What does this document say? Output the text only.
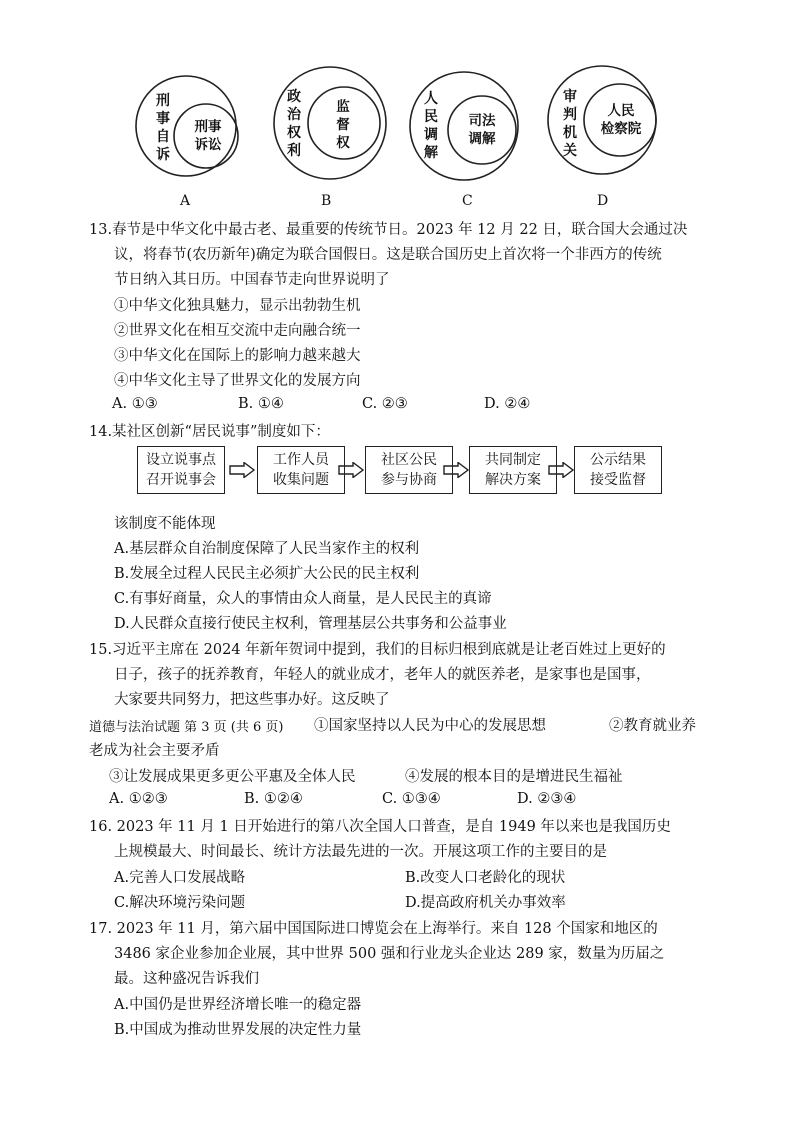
刑
事
自
诉
刑事
诉讼
A
政
治
权
利
监
督
权
B
人
民
调
解
司法
调解
C
审
判
机
关
人民
检察院
D
13.春节是中华文化中最古老、最重要的传统节日。2023 年 12 月 22 日，联合国大会通过决
议，将春节(农历新年)确定为联合国假日。这是联合国历史上首次将一个非西方的传统
节日纳入其日历。中国春节走向世界说明了
①中华文化独具魅力，显示出勃勃生机
②世界文化在相互交流中走向融合统一
③中华文化在国际上的影响力越来越大
④中华文化主导了世界文化的发展方向
A. ①③	B. ①④	C. ②③	D. ②④
14.某社区创新“居民说事”制度如下：
设立说事点
召开说事会
工作人员
收集问题
社区公民
参与协商
共同制定
解决方案
公示结果
接受监督
该制度不能体现
A.基层群众自治制度保障了人民当家作主的权利
B.发展全过程人民民主必须扩大公民的民主权利
C.有事好商量，众人的事情由众人商量，是人民民主的真谛
D.人民群众直接行使民主权利，管理基层公共事务和公益事业
15.习近平主席在 2024 年新年贺词中提到，我们的目标归根到底就是让老百姓过上更好的
日子，孩子的抚养教育，年轻人的就业成才，老年人的就医养老，是家事也是国事，
大家要共同努力，把这些事办好。这反映了
道德与法治试题 第 3 页 (共 6 页) ①国家坚持以人民为中心的发展思想	②教育就业养
老成为社会主要矛盾
③让发展成果更多更公平惠及全体人民	④发展的根本目的是增进民生福祉
A. ①②③	B. ①②④	C. ①③④	D. ②③④
16. 2023 年 11 月 1 日开始进行的第八次全国人口普查，是自 1949 年以来也是我国历史
上规模最大、时间最长、统计方法最先进的一次。开展这项工作的主要目的是
A.完善人口发展战略	B.改变人口老龄化的现状
C.解决环境污染问题	D.提高政府机关办事效率
17. 2023 年 11 月，第六届中国国际进口博览会在上海举行。来自 128 个国家和地区的
3486 家企业参加企业展，其中世界 500 强和行业龙头企业达 289 家，数量为历届之
最。这种盛况告诉我们
A.中国仍是世界经济增长唯一的稳定器
B.中国成为推动世界发展的决定性力量
